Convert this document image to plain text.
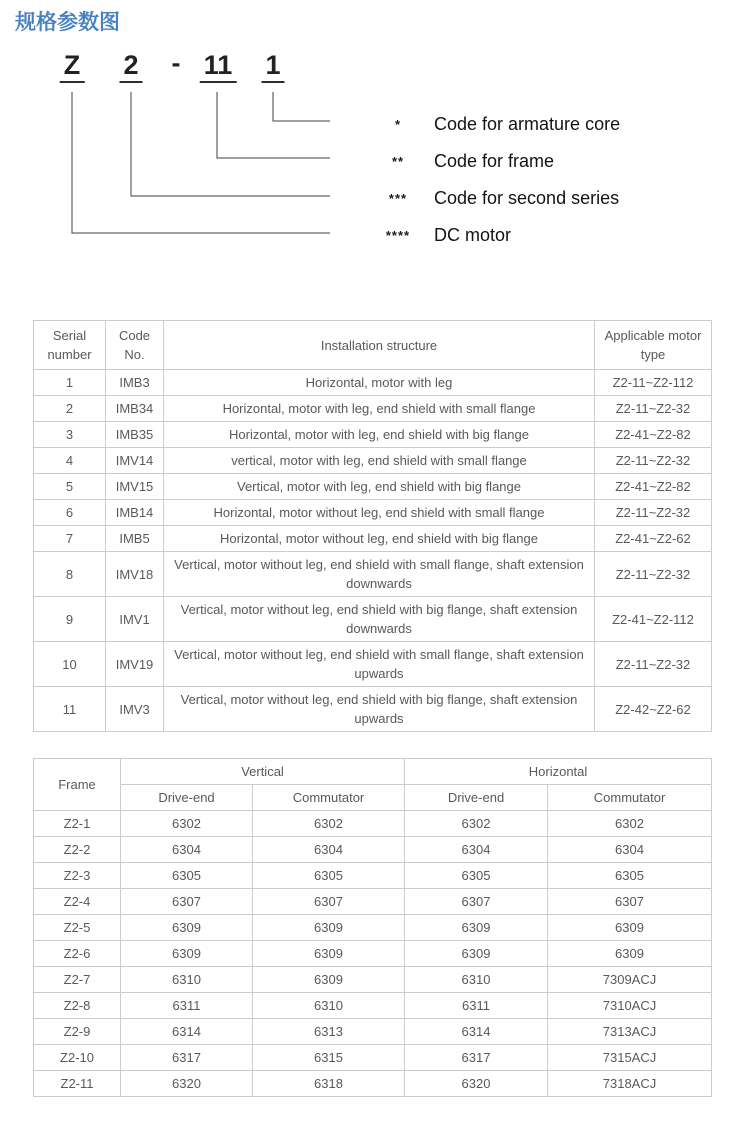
规格参数图
Z 2 - 11 1
*	Code for armature core
**	Code for frame
***	Code for second series
****	DC motor
Serial number	Code No.	Installation structure	Applicable motor type
1	IMB3	Horizontal, motor with leg	Z2-11~Z2-112
2	IMB34	Horizontal, motor with leg, end shield with small flange	Z2-11~Z2-32
3	IMB35	Horizontal, motor with leg, end shield with big flange	Z2-41~Z2-82
4	IMV14	vertical, motor with leg, end shield with small flange	Z2-11~Z2-32
5	IMV15	Vertical, motor with leg, end shield with big flange	Z2-41~Z2-82
6	IMB14	Horizontal, motor without leg, end shield with small flange	Z2-11~Z2-32
7	IMB5	Horizontal, motor without leg, end shield with big flange	Z2-41~Z2-62
8	IMV18	Vertical, motor without leg, end shield with small flange, shaft extension downwards	Z2-11~Z2-32
9	IMV1	Vertical, motor without leg, end shield with big flange, shaft extension downwards	Z2-41~Z2-112
10	IMV19	Vertical, motor without leg, end shield with small flange, shaft extension upwards	Z2-11~Z2-32
11	IMV3	Vertical, motor without leg, end shield with big flange, shaft extension upwards	Z2-42~Z2-62
Frame	Vertical		Horizontal	
	Drive-end	Commutator	Drive-end	Commutator
Z2-1	6302	6302	6302	6302
Z2-2	6304	6304	6304	6304
Z2-3	6305	6305	6305	6305
Z2-4	6307	6307	6307	6307
Z2-5	6309	6309	6309	6309
Z2-6	6309	6309	6309	6309
Z2-7	6310	6309	6310	7309ACJ
Z2-8	6311	6310	6311	7310ACJ
Z2-9	6314	6313	6314	7313ACJ
Z2-10	6317	6315	6317	7315ACJ
Z2-11	6320	6318	6320	7318ACJ
